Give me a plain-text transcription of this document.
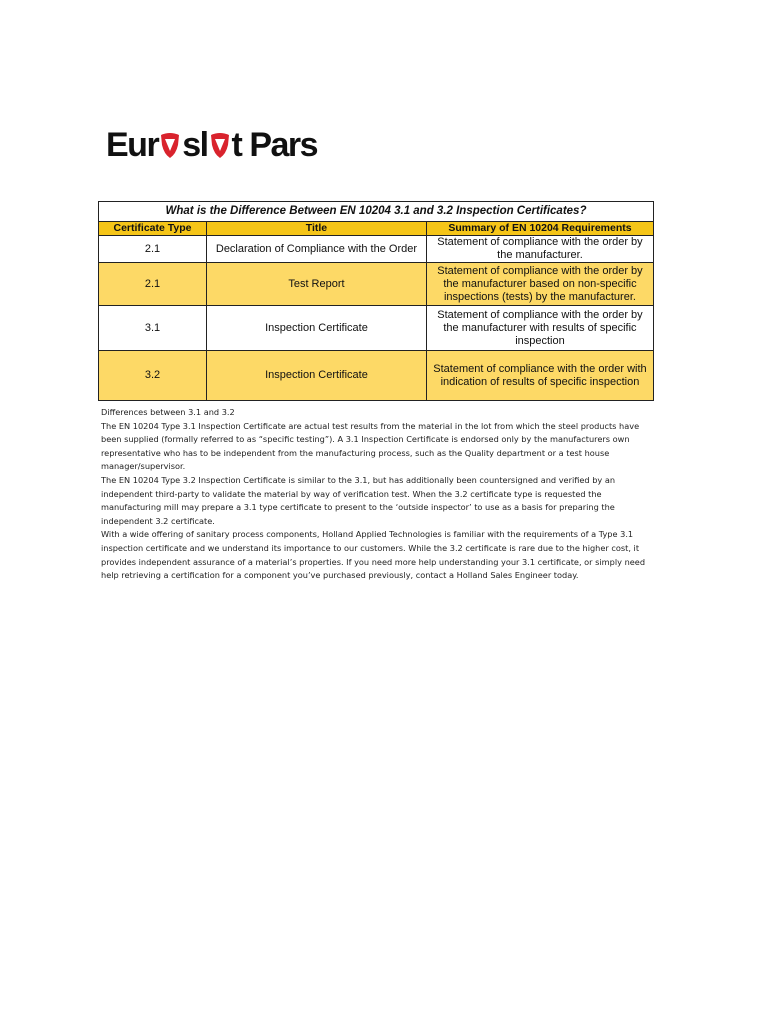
Eur sl t Pars
What is the Difference Between EN 10204 3.1 and 3.2 Inspection Certificates?		
Certificate Type	Title	Summary of EN 10204 Requirements
2.1	Declaration of Compliance with the Order	Statement of compliance with the order by the manufacturer.
2.1	Test Report	Statement of compliance with the order by the manufacturer based on non-specific inspections (tests) by the manufacturer.
3.1	Inspection Certificate	Statement of compliance with the order by the manufacturer with results of specific inspection
3.2	Inspection Certificate	Statement of compliance with the order with indication of results of specific inspection

Differences between 3.1 and 3.2

The EN 10204 Type 3.1 Inspection Certificate are actual test results from the material in the lot from which the steel products have been supplied (formally referred to as “specific testing”). A 3.1 Inspection Certificate is endorsed only by the manufacturers own representative who has to be independent from the manufacturing process, such as the Quality department or a test house manager/supervisor.

The EN 10204 Type 3.2 Inspection Certificate is similar to the 3.1, but has additionally been countersigned and verified by an independent third-party to validate the material by way of verification test. When the 3.2 certificate type is requested the manufacturing mill may prepare a 3.1 type certificate to present to the ‘outside inspector’ to use as a basis for preparing the independent 3.2 certificate.

With a wide offering of sanitary process components, Holland Applied Technologies is familiar with the requirements of a Type 3.1 inspection certificate and we understand its importance to our customers. While the 3.2 certificate is rare due to the higher cost, it provides independent assurance of a material’s properties. If you need more help understanding your 3.1 certificate, or simply need help retrieving a certification for a component you’ve purchased previously, contact a Holland Sales Engineer today.
